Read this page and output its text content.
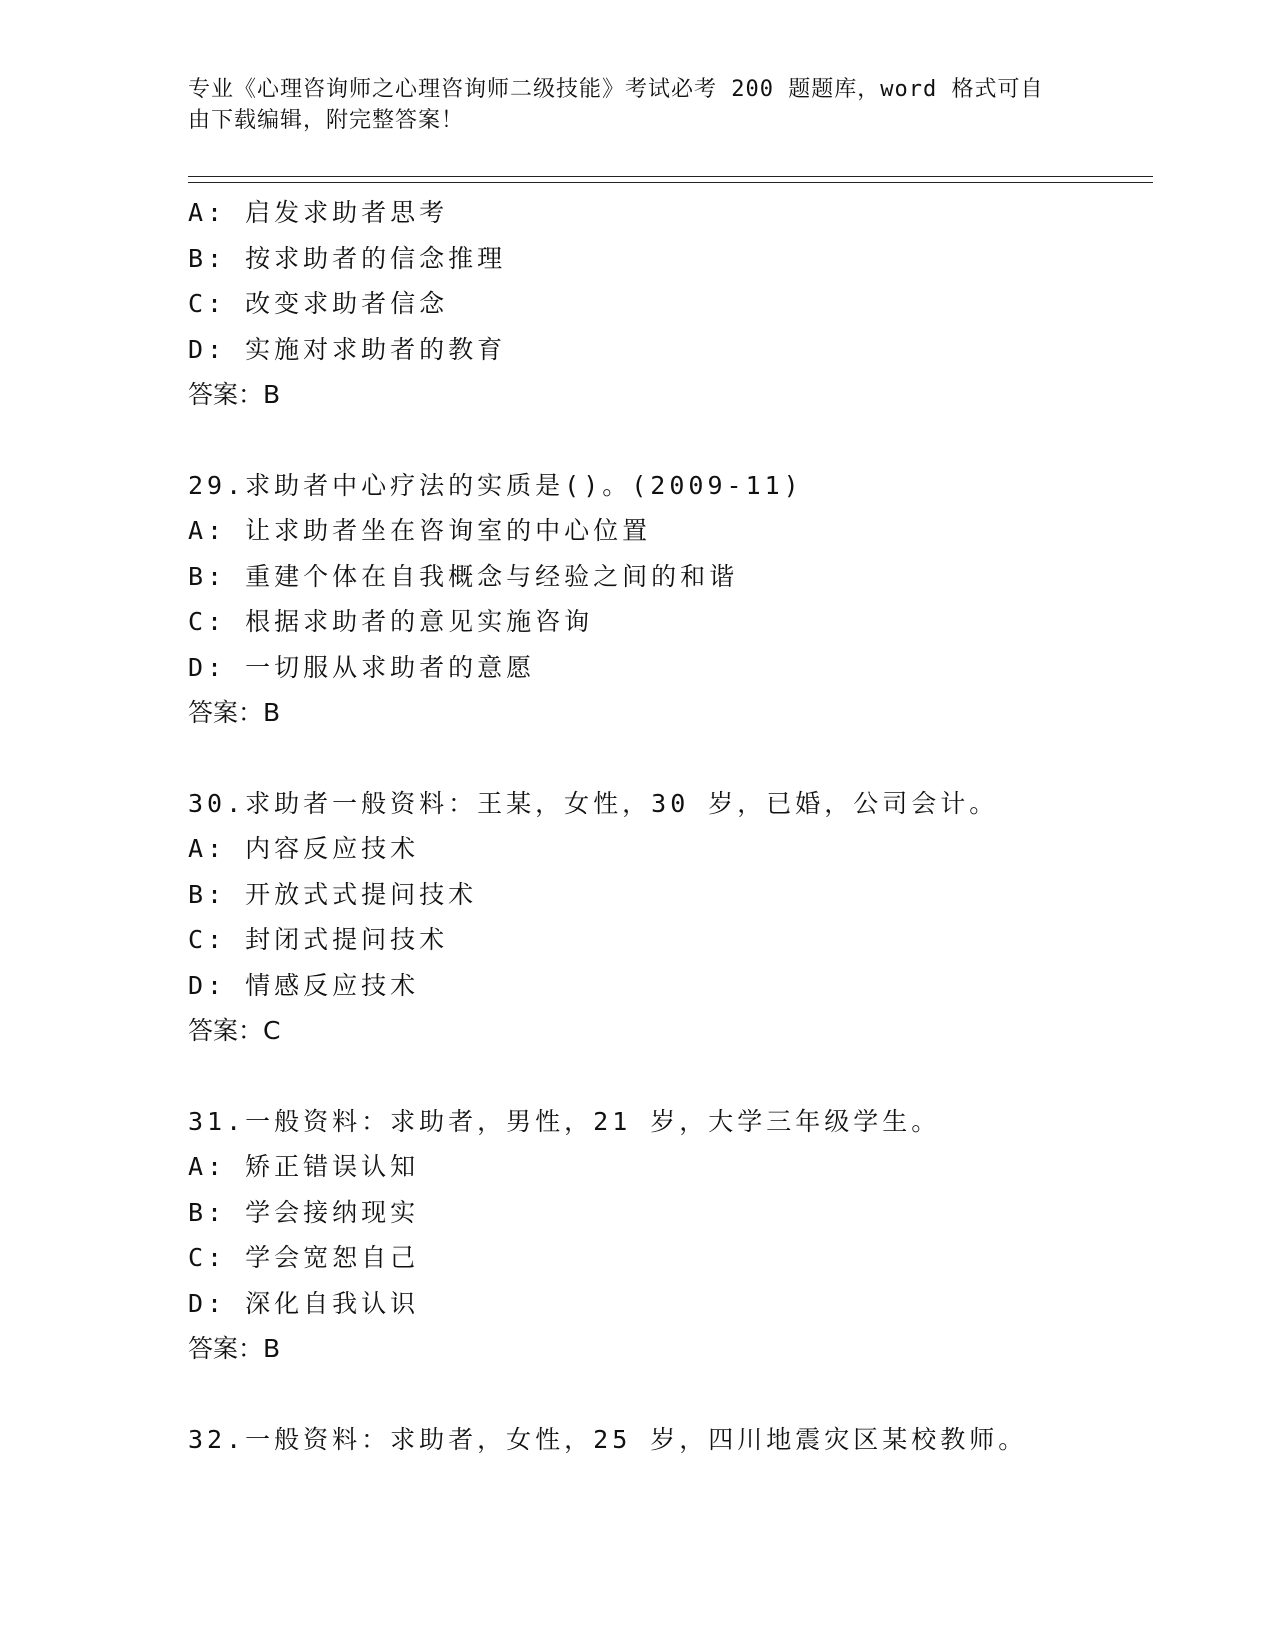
专业《心理咨询师之心理咨询师二级技能》考试必考 200 题题库，word 格式可自
由下载编辑，附完整答案！
A: 启发求助者思考
B: 按求助者的信念推理
C: 改变求助者信念
D: 实施对求助者的教育
答案：B
29.求助者中心疗法的实质是()。(2009-11)
A: 让求助者坐在咨询室的中心位置
B: 重建个体在自我概念与经验之间的和谐
C: 根据求助者的意见实施咨询
D: 一切服从求助者的意愿
答案：B
30.求助者一般资料：王某，女性，30 岁，已婚，公司会计。
A: 内容反应技术
B: 开放式式提问技术
C: 封闭式提问技术
D: 情感反应技术
答案：C
31.一般资料：求助者，男性，21 岁，大学三年级学生。
A: 矫正错误认知
B: 学会接纳现实
C: 学会宽恕自己
D: 深化自我认识
答案：B
32.一般资料：求助者，女性，25 岁，四川地震灾区某校教师。
